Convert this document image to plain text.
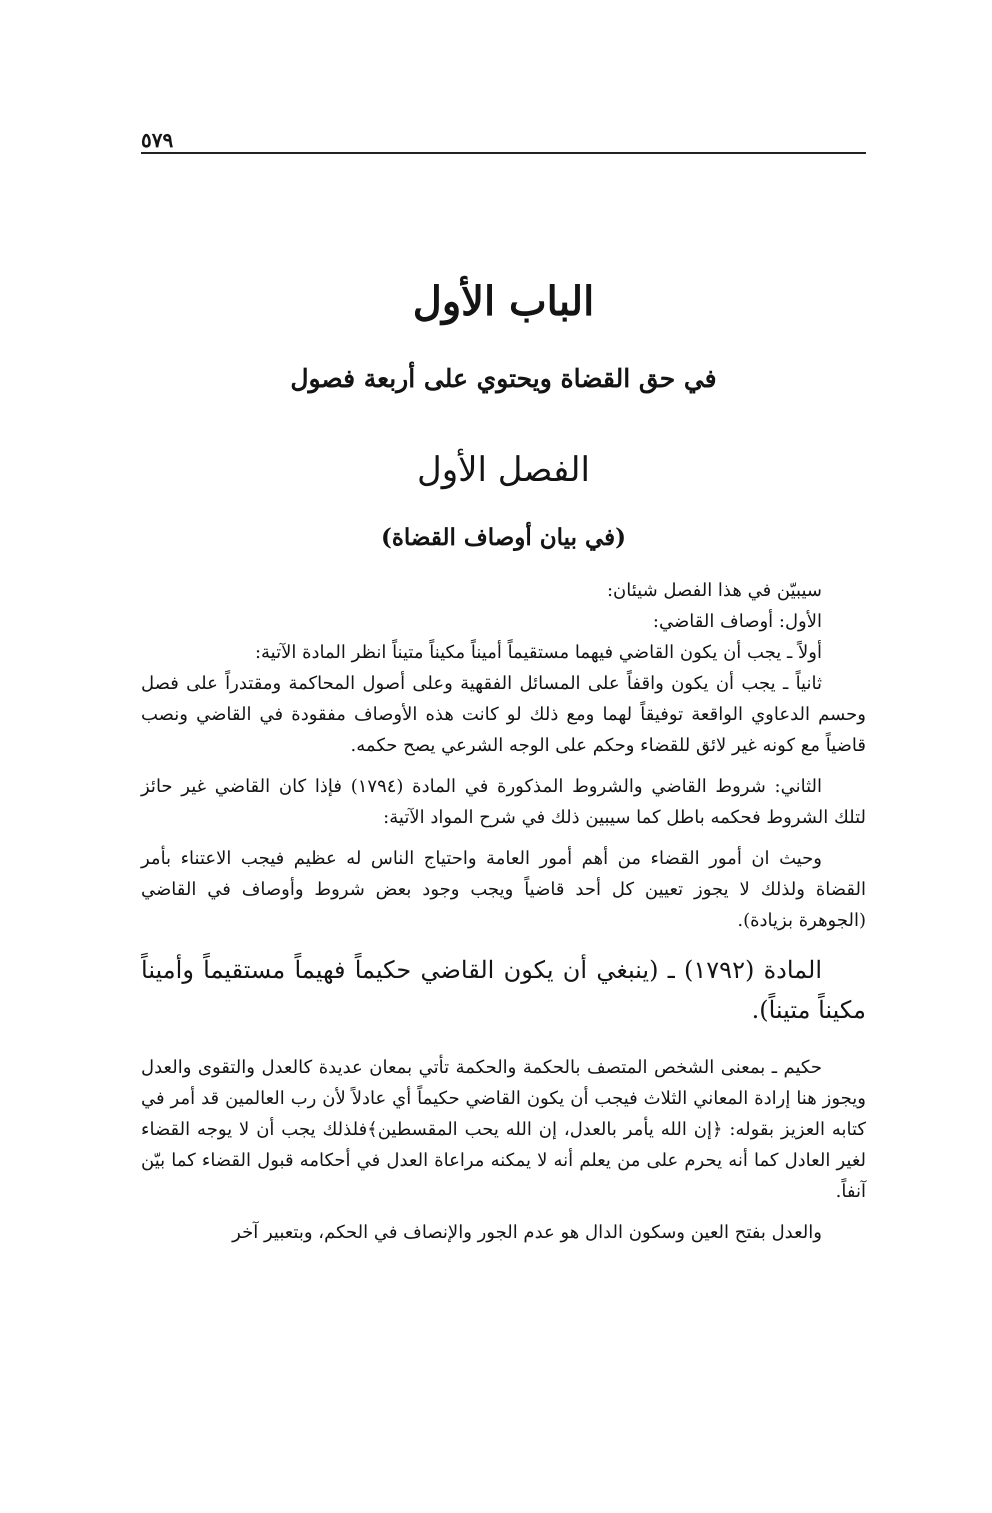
٥٧٩
الباب الأول
في حق القضاة ويحتوي على أربعة فصول
الفصل الأول
(في بيان أوصاف القضاة)

سيبيّن في هذا الفصل شيئان:

الأول: أوصاف القاضي:

أولاً ـ يجب أن يكون القاضي فيهما مستقيماً أميناً مكيناً متيناً انظر المادة الآتية:

ثانياً ـ يجب أن يكون واقفاً على المسائل الفقهية وعلى أصول المحاكمة ومقتدراً على فصل وحسم الدعاوي الواقعة توفيقاً لهما ومع ذلك لو كانت هذه الأوصاف مفقودة في القاضي ونصب قاضياً مع كونه غير لائق للقضاء وحكم على الوجه الشرعي يصح حكمه.

الثاني: شروط القاضي والشروط المذكورة في المادة (١٧٩٤) فإذا كان القاضي غير حائز لتلك الشروط فحكمه باطل كما سيبين ذلك في شرح المواد الآتية:

وحيث ان أمور القضاء من أهم أمور العامة واحتياج الناس له عظيم فيجب الاعتناء بأمر القضاة ولذلك لا يجوز تعيين كل أحد قاضياً ويجب وجود بعض شروط وأوصاف في القاضي (الجوهرة بزيادة).

المادة (١٧٩٢) ـ (ينبغي أن يكون القاضي حكيماً فهيماً مستقيماً وأميناً مكيناً متيناً).

حكيم ـ بمعنى الشخص المتصف بالحكمة والحكمة تأتي بمعان عديدة كالعدل والتقوى والعدل ويجوز هنا إرادة المعاني الثلاث فيجب أن يكون القاضي حكيماً أي عادلاً لأن رب العالمين قد أمر في كتابه العزيز بقوله: ﴿إن الله يأمر بالعدل، إن الله يحب المقسطين﴾فلذلك يجب أن لا يوجه القضاء لغير العادل كما أنه يحرم على من يعلم أنه لا يمكنه مراعاة العدل في أحكامه قبول القضاء كما بيّن آنفاً.

والعدل بفتح العين وسكون الدال هو عدم الجور والإنصاف في الحكم، وبتعبير آخر
